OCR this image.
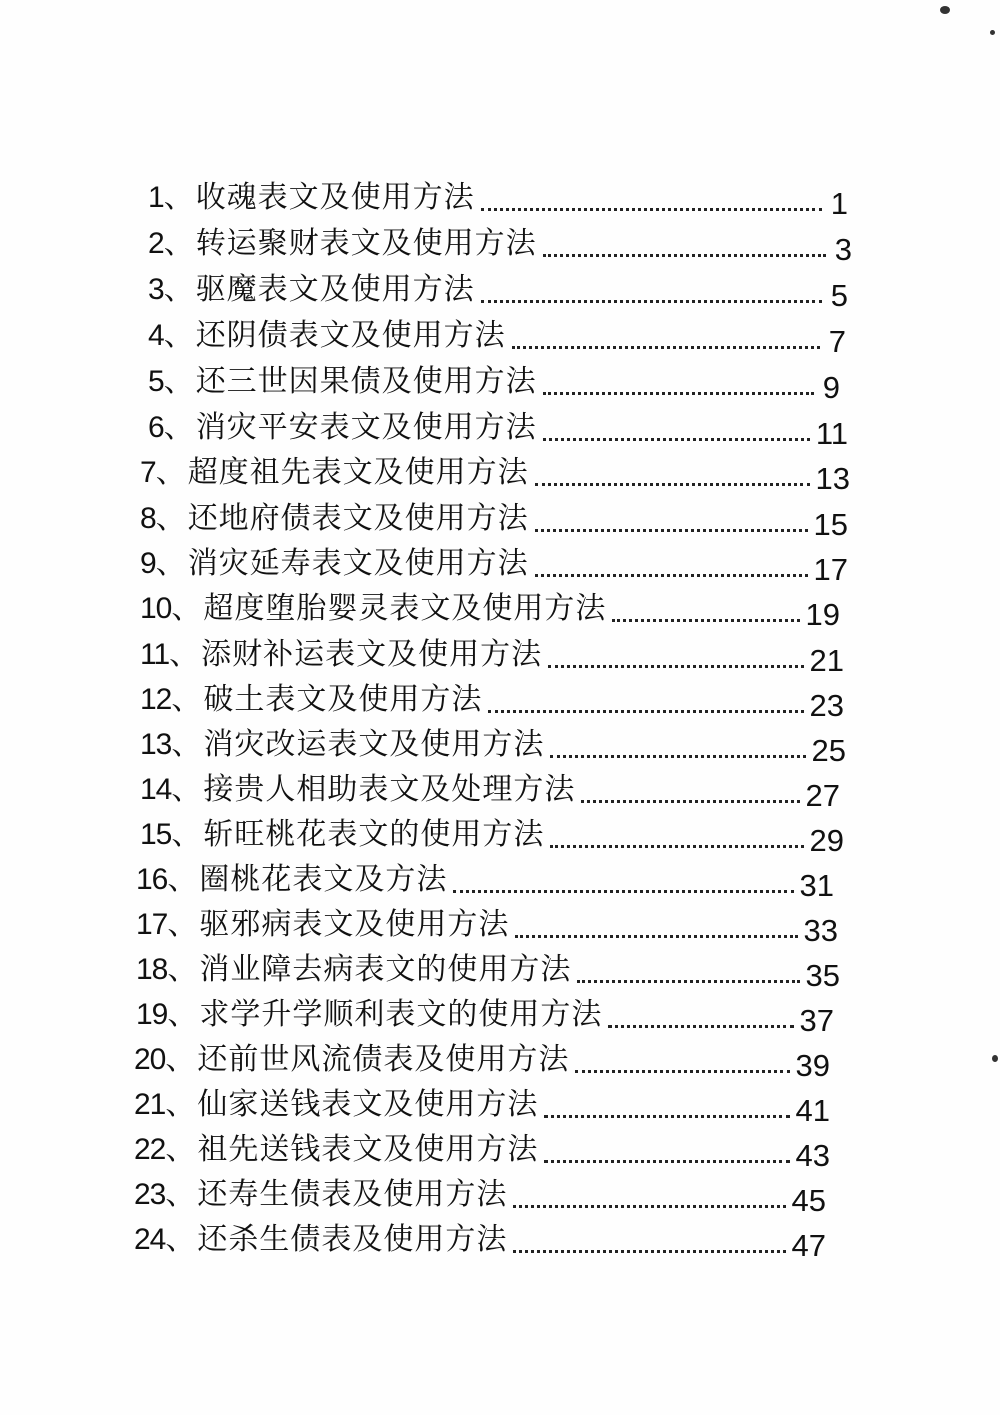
1 、 收魂表文及使用方法	1
2 、 转运聚财表文及使用方法	3
3 、 驱魔表文及使用方法	5
4 、 还阴债表文及使用方法	7
5 、 还三世因果债及使用方法	9
6 、 消灾平安表文及使用方法	11
7 、 超度祖先表文及使用方法	13
8 、 还地府债表文及使用方法	15
9 、 消灾延寿表文及使用方法	17
10 、 超度堕胎婴灵表文及使用方法	19
11 、 添财补运表文及使用方法	21
12 、 破土表文及使用方法	23
13 、 消灾改运表文及使用方法	25
14 、 接贵人相助表文及处理方法	27
15 、 斩旺桃花表文的使用方法	29
16 、 圈桃花表文及方法	31
17 、 驱邪病表文及使用方法	33
18 、 消业障去病表文的使用方法	35
19 、 求学升学顺利表文的使用方法	37
20 、 还前世风流债表及使用方法	39
21 、 仙家送钱表文及使用方法	41
22 、 祖先送钱表文及使用方法	43
23 、 还寿生债表及使用方法	45
24 、 还杀生债表及使用方法	47
